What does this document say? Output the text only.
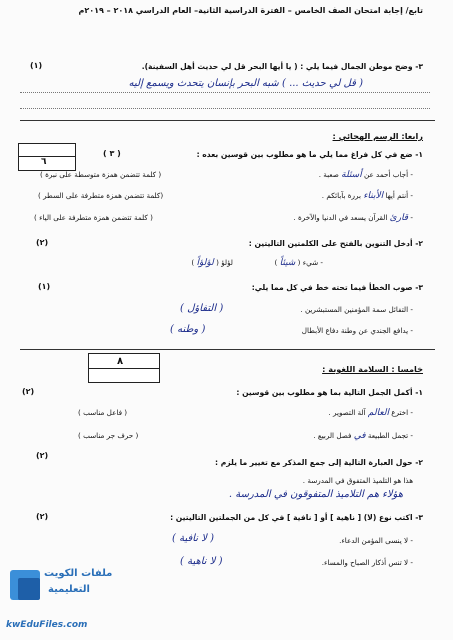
تابع/ إجابة امتحان الصف الخامس – الفترة الدراسية الثانية– العام الدراسي ٢٠١٨ – ٢٠١٩م
٣- وضح موطن الجمال فيما يلي : ( يا أيها البحر قل لي حديث أهل السفينة).
(١)
( قل لي حديث ... ) شبه البحر بإنسان يتحدث ويسمع إليه
٦
رابعا: الرسم الهجائي :
١- ضع في كل فراغ مما يلي ما هو مطلوب بين قوسين بعده :
( ٣ )
- أجاب أحمد عن أسئلة صعبة .
( كلمة تتضمن همزة متوسطة على نبرة )
- أنتم أيها الأبناء بررة بآبائكم .
(كلمة تتضمن همزة متطرفة على السطر )
- قارئ القرآن يسعد في الدنيا والآخرة .
( كلمة تتضمن همزة متطرفة على الياء )
٢- أدخل التنوين بالفتح على الكلمتين التاليتين :
(٢)
لؤلؤ ( لؤلؤاً )	- شيء ( شيئاً )
٣- صوب الخطأ فيما تحته خط في كل مما يلي:
(١)
- التفائل سمة المؤمنين المستبشرين .
( التفاؤل )
- يدافع الجندي عن وطنة دفاع الأبطال
( وطنه )
٨
خامسا : السلامة اللغوية :
١- أكمل الجمل التالية بما هو مطلوب بين قوسين :
(٢)
- اخترع العالم آلة التصوير .
( فاعل مناسب )
- تجمل الطبيعة في فصل الربيع .
( حرف جر مناسب )
٢- حول العبارة التالية إلى جمع المذكر مع تغيير ما يلزم :
(٢)
هذا هو التلميذ المتفوق في المدرسة .
هؤلاء هم التلاميذ المتفوقون في المدرسة .
٣- اكتب نوع (لا) [ ناهية ] أو [ نافية ] في كل من الجملتين التاليتين :
(٢)
- لا ينسى المؤمن الدعاء.
( لا نافية )
- لا تنس أذكار الصباح والمساء.
( لا ناهية )
ملفات الكويت
التعليمية
kwEduFiles.com
